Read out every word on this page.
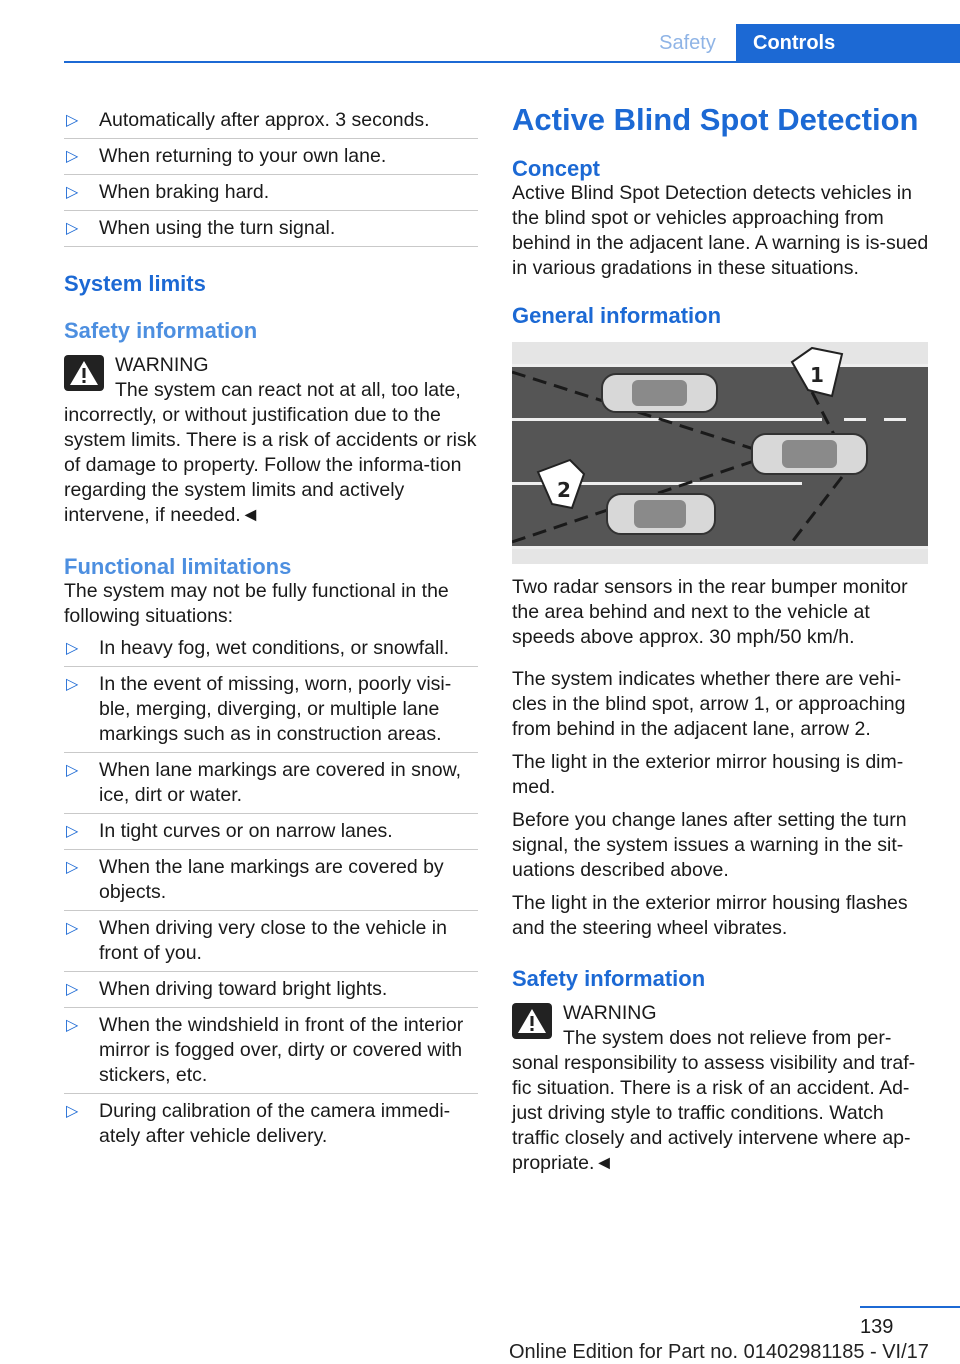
Safety	Controls
▷ Automatically after approx. 3 seconds.
▷ When returning to your own lane.
▷ When braking hard.
▷ When using the turn signal.
System limits
Safety information
WARNING
The system can react not at all, too late,

incorrectly, or without justification due to the system limits. There is a risk of accidents or risk of damage to property. Follow the informa-tion regarding the system limits and actively intervene, if needed.◄

Functional limitations

The system may not be fully functional in the following situations:

▷ In heavy fog, wet conditions, or snowfall.
▷ In the event of missing, worn, poorly visi-ble, merging, diverging, or multiple lane markings such as in construction areas.
▷ When lane markings are covered in snow, ice, dirt or water.
▷ In tight curves or on narrow lanes.
▷ When the lane markings are covered by objects.
▷ When driving very close to the vehicle in front of you.
▷ When driving toward bright lights.
▷ When the windshield in front of the interior mirror is fogged over, dirty or covered with stickers, etc.
▷ During calibration of the camera immedi-ately after vehicle delivery.
Active Blind Spot Detection
Concept

Active Blind Spot Detection detects vehicles in the blind spot or vehicles approaching from behind in the adjacent lane. A warning is is-sued in various gradations in these situations.

General information
1
2

Two radar sensors in the rear bumper monitor the area behind and next to the vehicle at speeds above approx. 30 mph/50 km/h.

The system indicates whether there are vehi-cles in the blind spot, arrow 1, or approaching from behind in the adjacent lane, arrow 2.

The light in the exterior mirror housing is dim-med.

Before you change lanes after setting the turn signal, the system issues a warning in the sit-uations described above.

The light in the exterior mirror housing flashes and the steering wheel vibrates.

Safety information
WARNING
The system does not relieve from per-

sonal responsibility to assess visibility and traf-fic situation. There is a risk of an accident. Ad-just driving style to traffic conditions. Watch traffic closely and actively intervene where ap-propriate.◄

139
Online Edition for Part no. 01402981185 - VI/17
